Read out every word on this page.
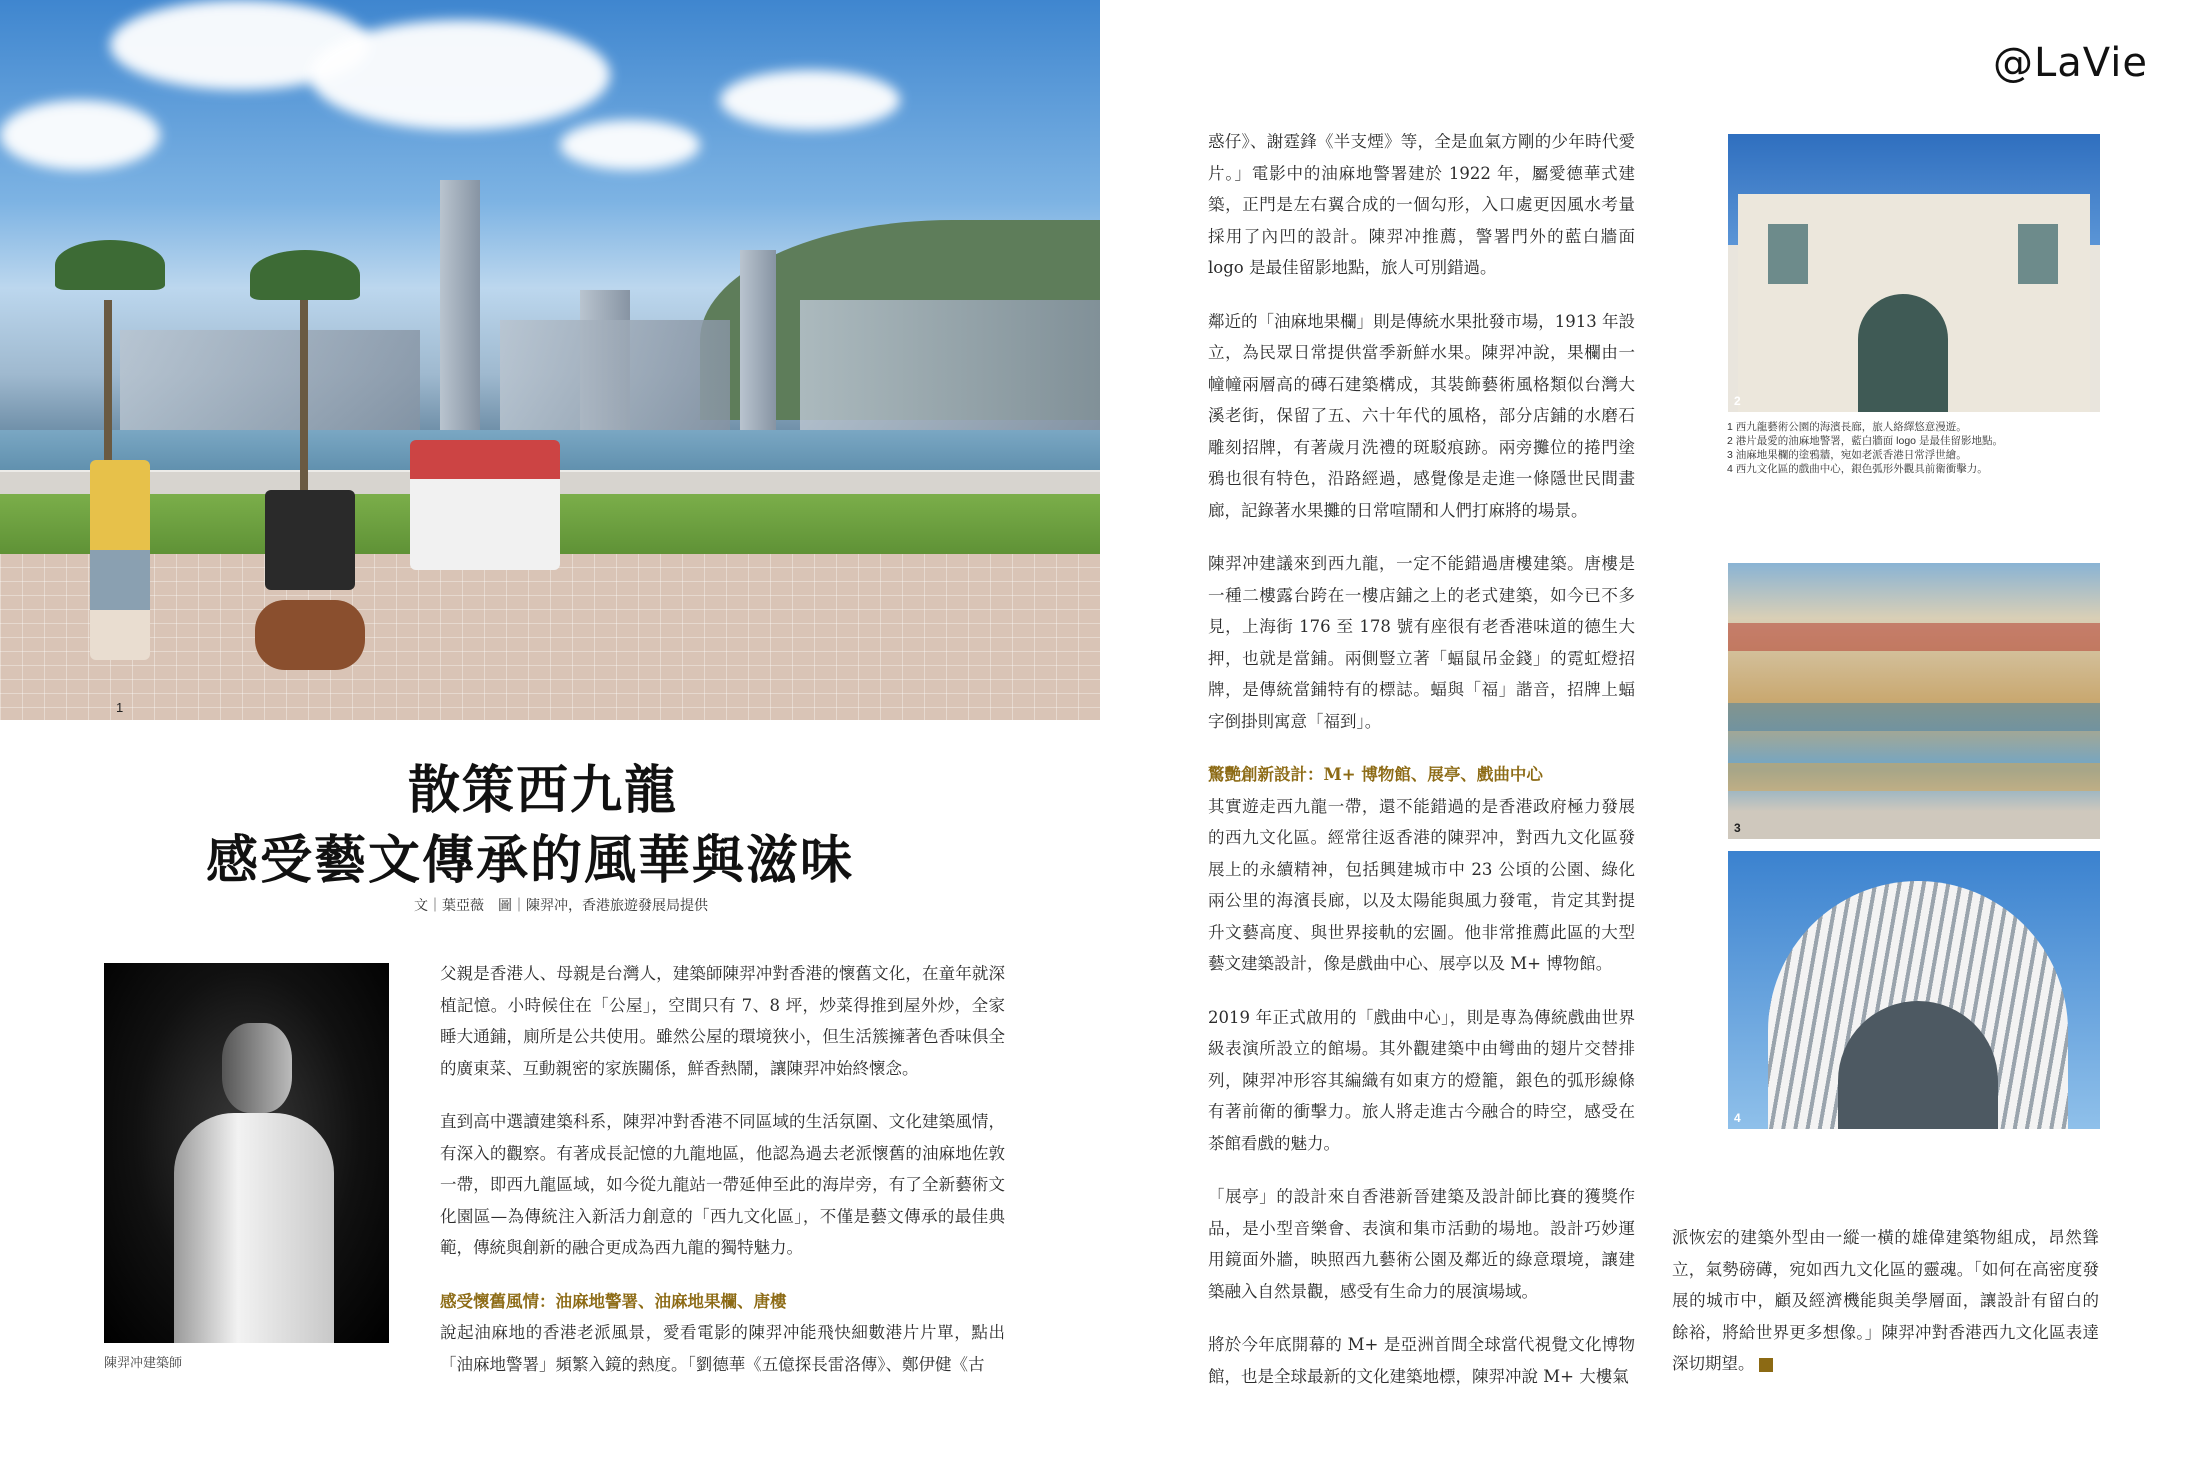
1
散策西九龍
感受藝文傳承的風華與滋味
文｜葉亞薇　圖｜陳羿冲，香港旅遊發展局提供
陳羿冲建築師

父親是香港人、母親是台灣人，建築師陳羿冲對香港的懷舊文化，在童年就深植記憶。小時候住在「公屋」，空間只有 7、8 坪，炒菜得推到屋外炒，全家睡大通鋪，廁所是公共使用。雖然公屋的環境狹小，但生活簇擁著色香味俱全的廣東菜、互動親密的家族關係，鮮香熱鬧，讓陳羿冲始終懷念。

直到高中選讀建築科系，陳羿冲對香港不同區域的生活氛圍、文化建築風情，有深入的觀察。有著成長記憶的九龍地區，他認為過去老派懷舊的油麻地佐敦一帶，即西九龍區域，如今從九龍站一帶延伸至此的海岸旁，有了全新藝術文化園區—為傳統注入新活力創意的「西九文化區」，不僅是藝文傳承的最佳典範，傳統與創新的融合更成為西九龍的獨特魅力。

感受懷舊風情：油麻地警署、油麻地果欄、唐樓

說起油麻地的香港老派風景，愛看電影的陳羿冲能飛快細數港片片單，點出「油麻地警署」頻繁入鏡的熱度。「劉德華《五億探長雷洛傳》、鄭伊健《古

惑仔》、謝霆鋒《半支煙》等，全是血氣方剛的少年時代愛片。」電影中的油麻地警署建於 1922 年，屬愛德華式建築，正門是左右翼合成的一個勾形，入口處更因風水考量採用了內凹的設計。陳羿冲推薦，警署門外的藍白牆面 logo 是最佳留影地點，旅人可別錯過。

鄰近的「油麻地果欄」則是傳統水果批發市場，1913 年設立，為民眾日常提供當季新鮮水果。陳羿冲說，果欄由一幢幢兩層高的磚石建築構成，其裝飾藝術風格類似台灣大溪老街，保留了五、六十年代的風格，部分店鋪的水磨石雕刻招牌，有著歲月洗禮的斑駁痕跡。兩旁攤位的捲門塗鴉也很有特色，沿路經過，感覺像是走進一條隱世民間畫廊，記錄著水果攤的日常喧鬧和人們打麻將的場景。

陳羿冲建議來到西九龍，一定不能錯過唐樓建築。唐樓是一種二樓露台跨在一樓店鋪之上的老式建築，如今已不多見，上海街 176 至 178 號有座很有老香港味道的德生大押，也就是當鋪。兩側豎立著「蝠鼠吊金錢」的霓虹燈招牌，是傳統當鋪特有的標誌。蝠與「福」諧音，招牌上蝠字倒掛則寓意「福到」。

驚艷創新設計：M+ 博物館、展亭、戲曲中心

其實遊走西九龍一帶，還不能錯過的是香港政府極力發展的西九文化區。經常往返香港的陳羿冲，對西九文化區發展上的永續精神，包括興建城市中 23 公頃的公園、綠化兩公里的海濱長廊，以及太陽能與風力發電，肯定其對提升文藝高度、與世界接軌的宏圖。他非常推薦此區的大型藝文建築設計，像是戲曲中心、展亭以及 M+ 博物館。

2019 年正式啟用的「戲曲中心」，則是專為傳統戲曲世界級表演所設立的館場。其外觀建築中由彎曲的翅片交替排列，陳羿冲形容其編織有如東方的燈籠，銀色的弧形線條有著前衛的衝擊力。旅人將走進古今融合的時空，感受在茶館看戲的魅力。

「展亭」的設計來自香港新晉建築及設計師比賽的獲獎作品，是小型音樂會、表演和集市活動的場地。設計巧妙運用鏡面外牆，映照西九藝術公園及鄰近的綠意環境，讓建築融入自然景觀，感受有生命力的展演場域。

將於今年底開幕的 M+ 是亞洲首間全球當代視覺文化博物館，也是全球最新的文化建築地標，陳羿冲說 M+ 大樓氣

派恢宏的建築外型由一縱一橫的雄偉建築物組成，昂然聳立，氣勢磅礡，宛如西九文化區的靈魂。「如何在高密度發展的城市中，顧及經濟機能與美學層面，讓設計有留白的餘裕，將給世界更多想像。」陳羿冲對香港西九文化區表達深切期望。

2
1 西九龍藝術公園的海濱長廊，旅人絡繹悠意漫遊。
2 港片最愛的油麻地警署，藍白牆面 logo 是最佳留影地點。
3 油麻地果欄的塗鴉牆，宛如老派香港日常浮世繪。
4 西九文化區的戲曲中心，銀色弧形外觀具前衛衝擊力。
3
4
@LaVie
